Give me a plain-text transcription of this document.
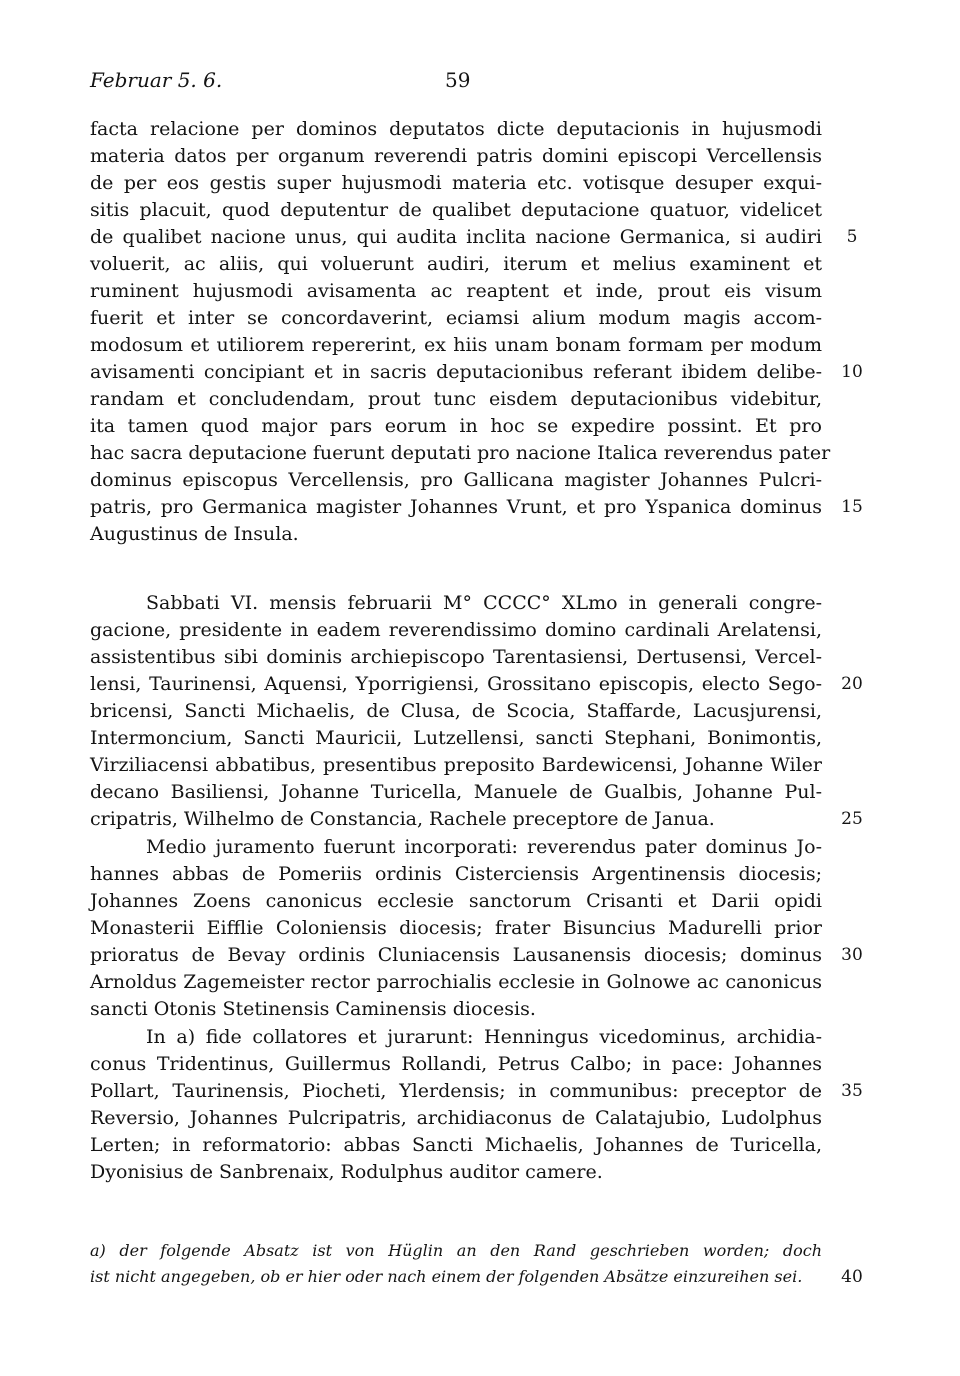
Februar 5. 6.	59
facta relacione per dominos deputatos dicte deputacionis in hujusmodi
materia datos per organum reverendi patris domini episcopi Vercellensis
de per eos gestis super hujusmodi materia etc. votisque desuper exqui-
sitis placuit, quod deputentur de qualibet deputacione quatuor, videlicet
de qualibet nacione unus, qui audita inclita nacione Germanica, si audiri	5
voluerit, ac aliis, qui voluerunt audiri, iterum et melius examinent et
ruminent hujusmodi avisamenta ac reaptent et inde, prout eis visum
fuerit et inter se concordaverint, eciamsi alium modum magis accom-
modosum et utiliorem repererint, ex hiis unam bonam formam per modum
avisamenti concipiant et in sacris deputacionibus referant ibidem delibe-	10
randam et concludendam, prout tunc eisdem deputacionibus videbitur,
ita tamen quod major pars eorum in hoc se expedire possint. Et pro
hac sacra deputacione fuerunt deputati pro nacione Italica reverendus pater
dominus episcopus Vercellensis, pro Gallicana magister Johannes Pulcri-
patris, pro Germanica magister Johannes Vrunt, et pro Yspanica dominus	15
Augustinus de Insula.
Sabbati VI. mensis februarii M° CCCC° XLmo in generali congre-
gacione, presidente in eadem reverendissimo domino cardinali Arelatensi,
assistentibus sibi dominis archiepiscopo Tarentasiensi, Dertusensi, Vercel-
lensi, Taurinensi, Aquensi, Yporrigiensi, Grossitano episcopis, electo Sego-	20
bricensi, Sancti Michaelis, de Clusa, de Scocia, Staffarde, Lacusjurensi,
Intermoncium, Sancti Mauricii, Lutzellensi, sancti Stephani, Bonimontis,
Virziliacensi abbatibus, presentibus preposito Bardewicensi, Johanne Wiler
decano Basiliensi, Johanne Turicella, Manuele de Gualbis, Johanne Pul-
cripatris, Wilhelmo de Constancia, Rachele preceptore de Janua.	25
Medio juramento fuerunt incorporati: reverendus pater dominus Jo-
hannes abbas de Pomeriis ordinis Cisterciensis Argentinensis diocesis;
Johannes Zoens canonicus ecclesie sanctorum Crisanti et Darii opidi
Monasterii Eifflie Coloniensis diocesis; frater Bisuncius Madurelli prior
prioratus de Bevay ordinis Cluniacensis Lausanensis diocesis; dominus	30
Arnoldus Zagemeister rector parrochialis ecclesie in Golnowe ac canonicus
sancti Otonis Stetinensis Caminensis diocesis.
In a) fide collatores et jurarunt: Henningus vicedominus, archidia-
conus Tridentinus, Guillermus Rollandi, Petrus Calbo; in pace: Johannes
Pollart, Taurinensis, Piocheti, Ylerdensis; in communibus: preceptor de	35
Reversio, Johannes Pulcripatris, archidiaconus de Calatajubio, Ludolphus
Lerten; in reformatorio: abbas Sancti Michaelis, Johannes de Turicella,
Dyonisius de Sanbrenaix, Rodulphus auditor camere.
a) der folgende Absatz ist von Hüglin an den Rand geschrieben worden; doch
ist nicht angegeben, ob er hier oder nach einem der folgenden Absätze einzureihen sei.	40
